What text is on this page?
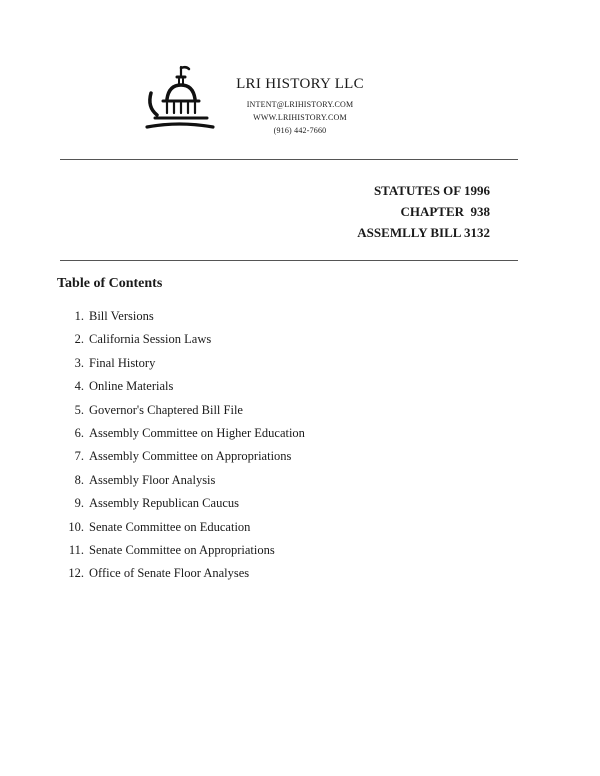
LRI HISTORY LLC
INTENT@LRIHISTORY.COM
WWW.LRIHISTORY.COM
(916) 442-7660
STATUTES OF 1996
CHAPTER  938
ASSEMLLY BILL 3132
Table of Contents
1. Bill Versions
2. California Session Laws
3. Final History
4. Online Materials
5. Governor's Chaptered Bill File
6. Assembly Committee on Higher Education
7. Assembly Committee on Appropriations
8. Assembly Floor Analysis
9. Assembly Republican Caucus
10. Senate Committee on Education
11. Senate Committee on Appropriations
12. Office of Senate Floor Analyses
